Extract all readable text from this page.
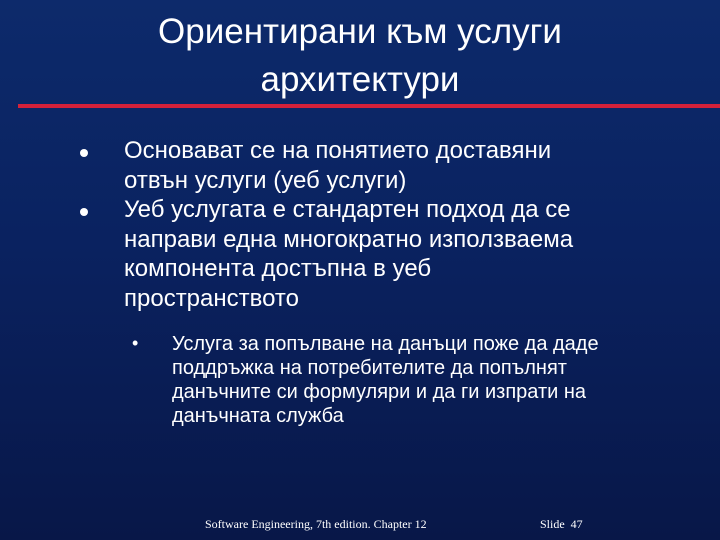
Ориентирани към услуги
архитектури
Основават се на понятието доставяни
отвън услуги (уеб услуги)
Уеб услугата е стандартен подход да се
направи една многократно използваема
компонента достъпна в уеб
пространството
• Услуга за попълване на данъци поже да даде
поддръжка на потребителите да попълнят
данъчните си формуляри и да ги изпрати на
данъчната служба
Software Engineering, 7th edition. Chapter 12	Slide  47
